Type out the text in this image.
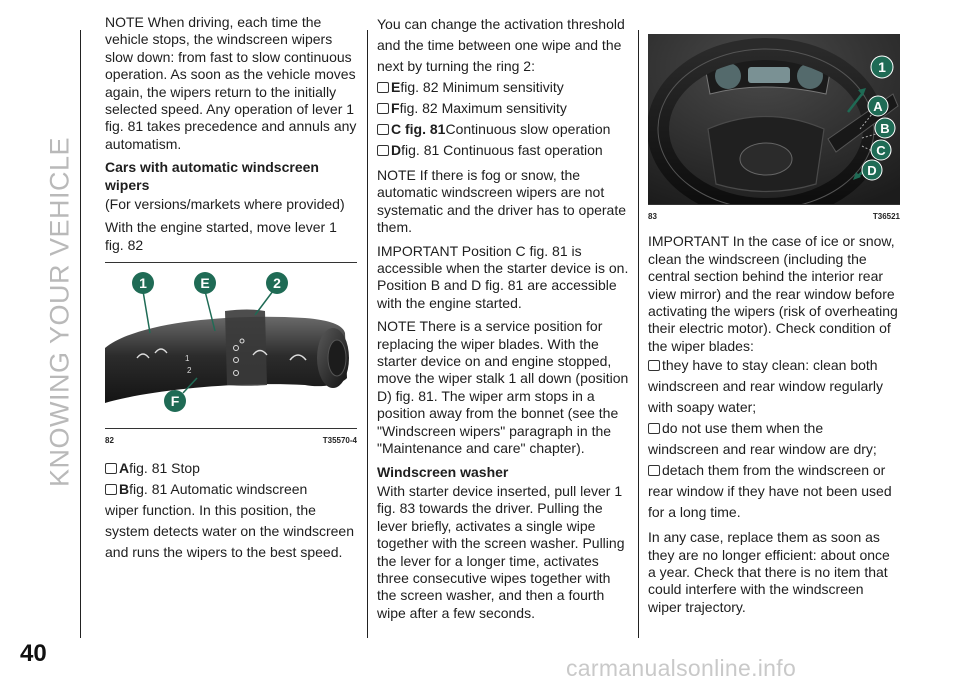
KNOWING YOUR VEHICLE
40

NOTE When driving, each time the vehicle stops, the windscreen wipers slow down: from fast to slow continuous operation. As soon as the vehicle moves again, the wipers return to the initially selected speed. Any operation of lever 1 fig. 81 takes precedence and annuls any automatism.

Cars with automatic windscreen wipers

(For versions/markets where provided)

With the engine started, move lever 1 fig. 82

1
2
1	E	2
F
82	T35570-4
Afig. 81 Stop
Bfig. 81 Automatic windscreen
wiper function. In this position, the system detects water on the windscreen and runs the wipers to the best speed.

You can change the activation threshold and the time between one wipe and the next by turning the ring 2:

Efig. 82 Minimum sensitivity
Ffig. 82 Maximum sensitivity
C fig. 81Continuous slow operation
Dfig. 81 Continuous fast operation

NOTE If there is fog or snow, the automatic windscreen wipers are not systematic and the driver has to operate them.

IMPORTANT Position C fig. 81 is accessible when the starter device is on. Position B and D fig. 81 are accessible with the engine started.

NOTE There is a service position for replacing the wiper blades. With the starter device on and engine stopped, move the wiper stalk 1 all down (position D) fig. 81. The wiper arm stops in a position away from the bonnet (see the "Windscreen wipers" paragraph in the "Maintenance and care" chapter).

Windscreen washer

With starter device inserted, pull lever 1 fig. 83 towards the driver. Pulling the lever briefly, activates a single wipe together with the screen washer. Pulling the lever for a longer time, activates three consecutive wipes together with the screen washer, and then a fourth wipe after a few seconds.

1
A
B
C
D
83	T36521

IMPORTANT In the case of ice or snow, clean the windscreen (including the central section behind the interior rear view mirror) and the rear window before activating the wipers (risk of overheating their electric motor). Check condition of the wiper blades:

they have to stay clean: clean both
windscreen and rear window regularly with soapy water;
do not use them when the
windscreen and rear window are dry;
detach them from the windscreen or
rear window if they have not been used for a long time.

In any case, replace them as soon as they are no longer efficient: about once a year. Check that there is no item that could interfere with the windscreen wiper trajectory.

carmanualsonline.info
